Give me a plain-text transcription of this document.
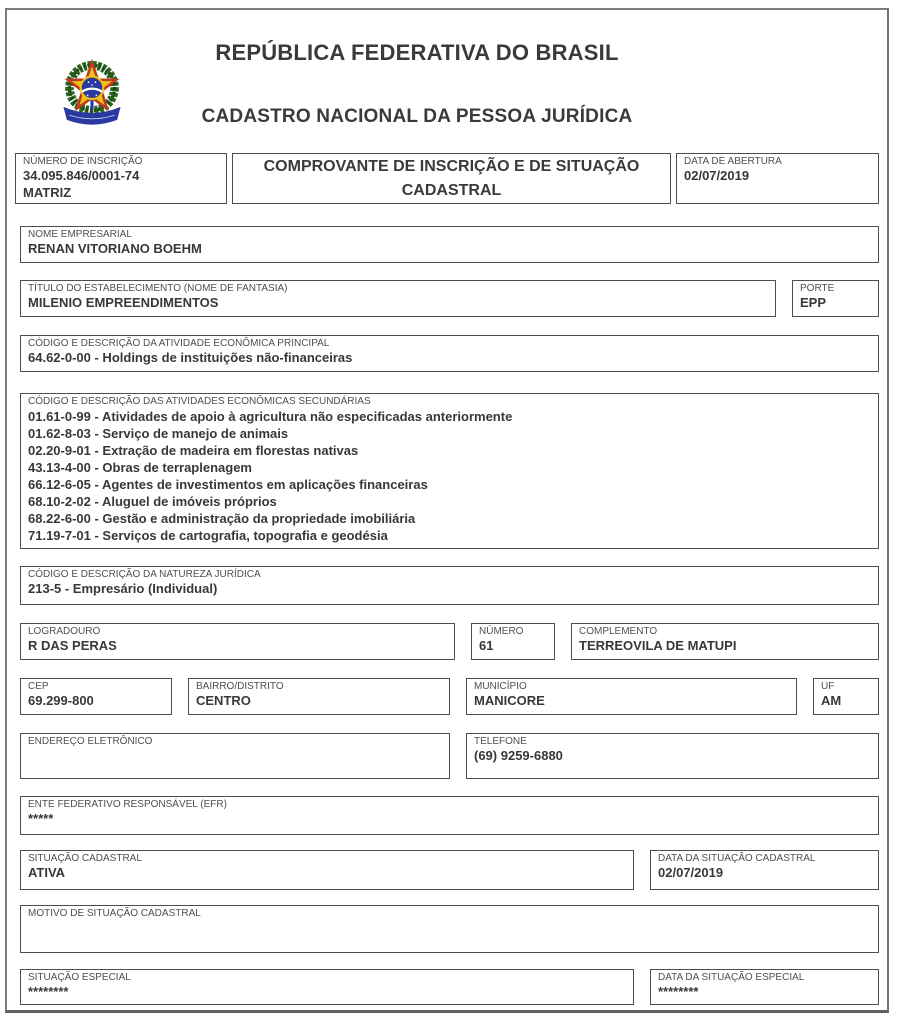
REPÚBLICA FEDERATIVA DO BRASIL
CADASTRO NACIONAL DA PESSOA JURÍDICA
NÚMERO DE INSCRIÇÃO
34.095.846/0001-74
MATRIZ
COMPROVANTE DE INSCRIÇÃO E DE SITUAÇÃO CADASTRAL
DATA DE ABERTURA
02/07/2019
NOME EMPRESARIAL
RENAN VITORIANO BOEHM
TÍTULO DO ESTABELECIMENTO (NOME DE FANTASIA)
MILENIO EMPREENDIMENTOS
PORTE
EPP
CÓDIGO E DESCRIÇÃO DA ATIVIDADE ECONÔMICA PRINCIPAL
64.62-0-00 - Holdings de instituições não-financeiras
CÓDIGO E DESCRIÇÃO DAS ATIVIDADES ECONÔMICAS SECUNDÁRIAS
01.61-0-99 - Atividades de apoio à agricultura não especificadas anteriormente
01.62-8-03 - Serviço de manejo de animais
02.20-9-01 - Extração de madeira em florestas nativas
43.13-4-00 - Obras de terraplenagem
66.12-6-05 - Agentes de investimentos em aplicações financeiras
68.10-2-02 - Aluguel de imóveis próprios
68.22-6-00 - Gestão e administração da propriedade imobiliária
71.19-7-01 - Serviços de cartografia, topografia e geodésia
CÓDIGO E DESCRIÇÃO DA NATUREZA JURÍDICA
213-5 - Empresário (Individual)
LOGRADOURO
R DAS PERAS
NÚMERO
61
COMPLEMENTO
TERREOVILA DE MATUPI
CEP
69.299-800
BAIRRO/DISTRITO
CENTRO
MUNICÍPIO
MANICORE
UF
AM
ENDEREÇO ELETRÔNICO	TELEFONE
(69) 9259-6880
ENTE FEDERATIVO RESPONSÁVEL (EFR)
*****
SITUAÇÃO CADASTRAL
ATIVA
DATA DA SITUAÇÃO CADASTRAL
02/07/2019
MOTIVO DE SITUAÇÃO CADASTRAL
SITUAÇÃO ESPECIAL
********
DATA DA SITUAÇÃO ESPECIAL
********
